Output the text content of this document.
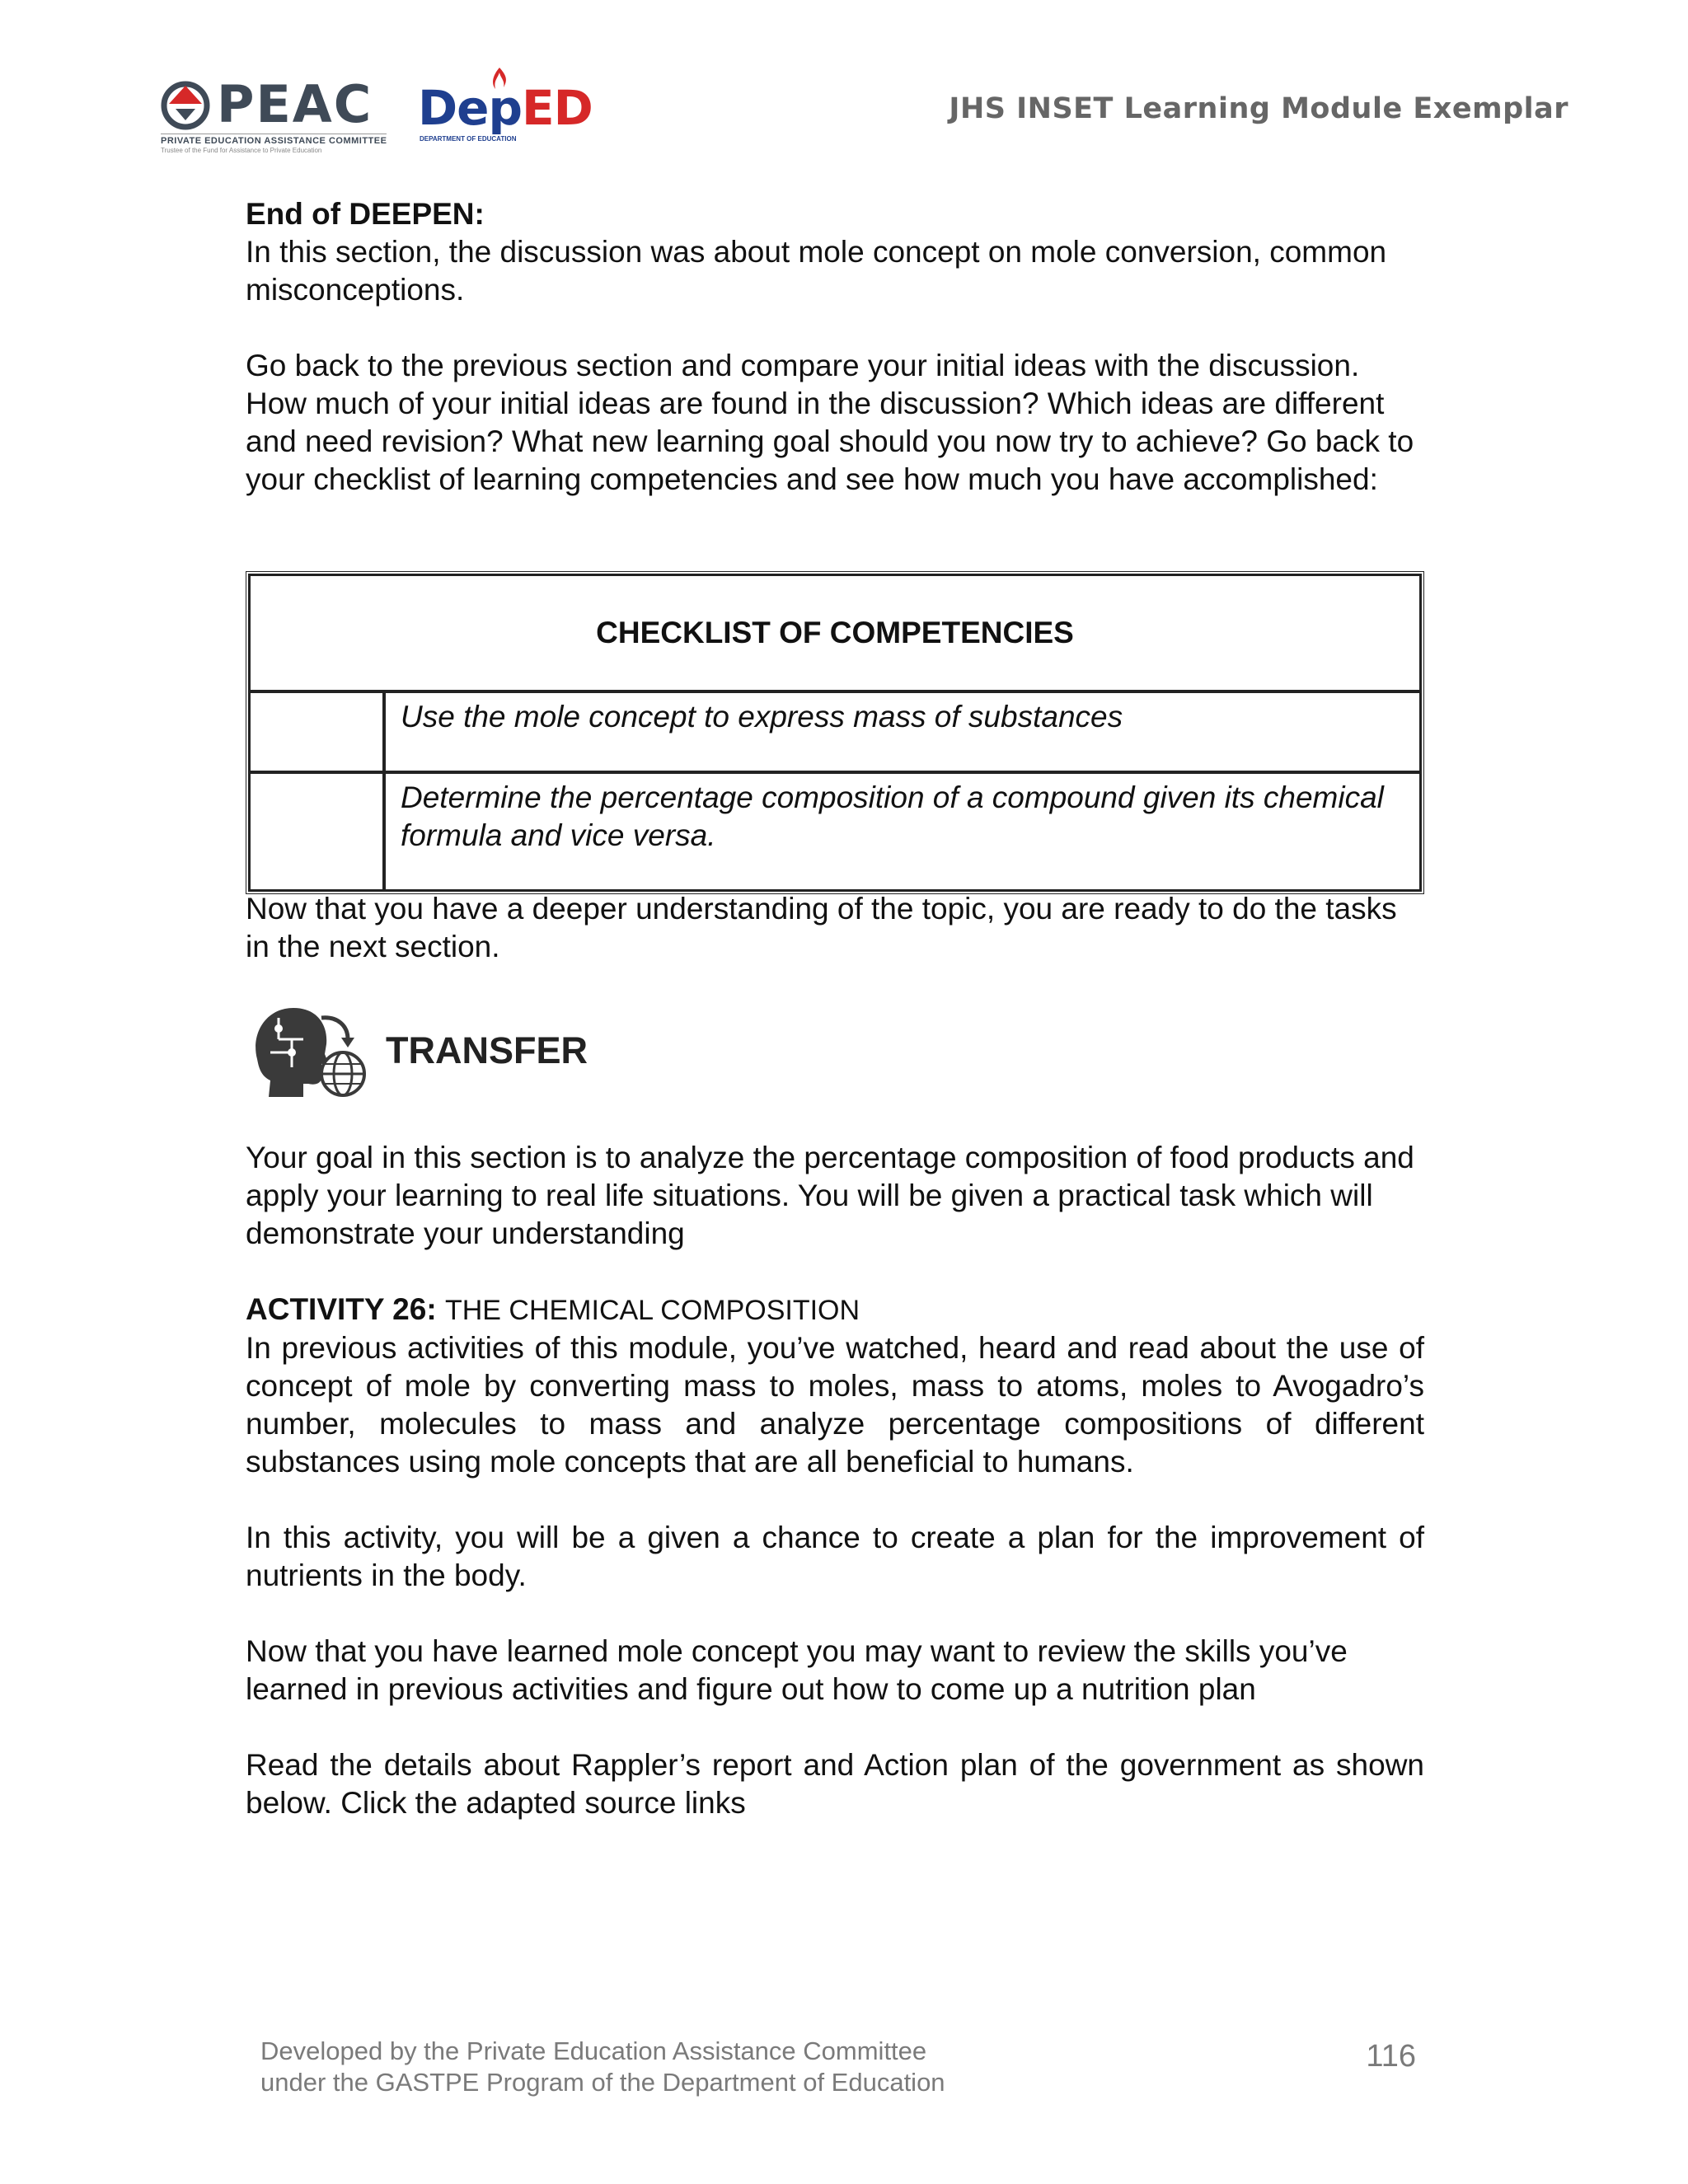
PEAC
PRIVATE EDUCATION ASSISTANCE COMMITTEE
Trustee of the Fund for Assistance to Private Education
DepED
DEPARTMENT OF EDUCATION
JHS INSET Learning Module Exemplar

End of DEEPEN:

In this section, the discussion was about mole concept on mole conversion, common misconceptions.

Go back to the previous section and compare your initial ideas with the discussion. How much of your initial ideas are found in the discussion? Which ideas are different and need revision? What new learning goal should you now try to achieve? Go back to your checklist of learning competencies and see how much you have accomplished:

CHECKLIST OF COMPETENCIES	
	Use the mole concept to express mass of substances
	Determine the percentage composition of a compound given its chemical formula and vice versa.
Now that you have a deeper understanding of the topic, you are ready to do the tasks in the next section.
TRANSFER

Your goal in this section is to analyze the percentage composition of food products and apply your learning to real life situations. You will be given a practical task which will demonstrate your understanding

ACTIVITY 26: THE CHEMICAL COMPOSITION

In previous activities of this module, you’ve watched, heard and read about the use of concept of mole by converting mass to moles, mass to atoms, moles to Avogadro’s number, molecules to mass and analyze percentage compositions of different substances using mole concepts that are all beneficial to humans.

In this activity, you will be a given a chance to create a plan for the improvement of nutrients in the body.

Now that you have learned mole concept you may want to review the skills you’ve learned in previous activities and figure out how to come up a nutrition plan

Read the details about Rappler’s report and Action plan of the government as shown below. Click the adapted source links

Developed by the Private Education Assistance Committee
under the GASTPE Program of the Department of Education
116
